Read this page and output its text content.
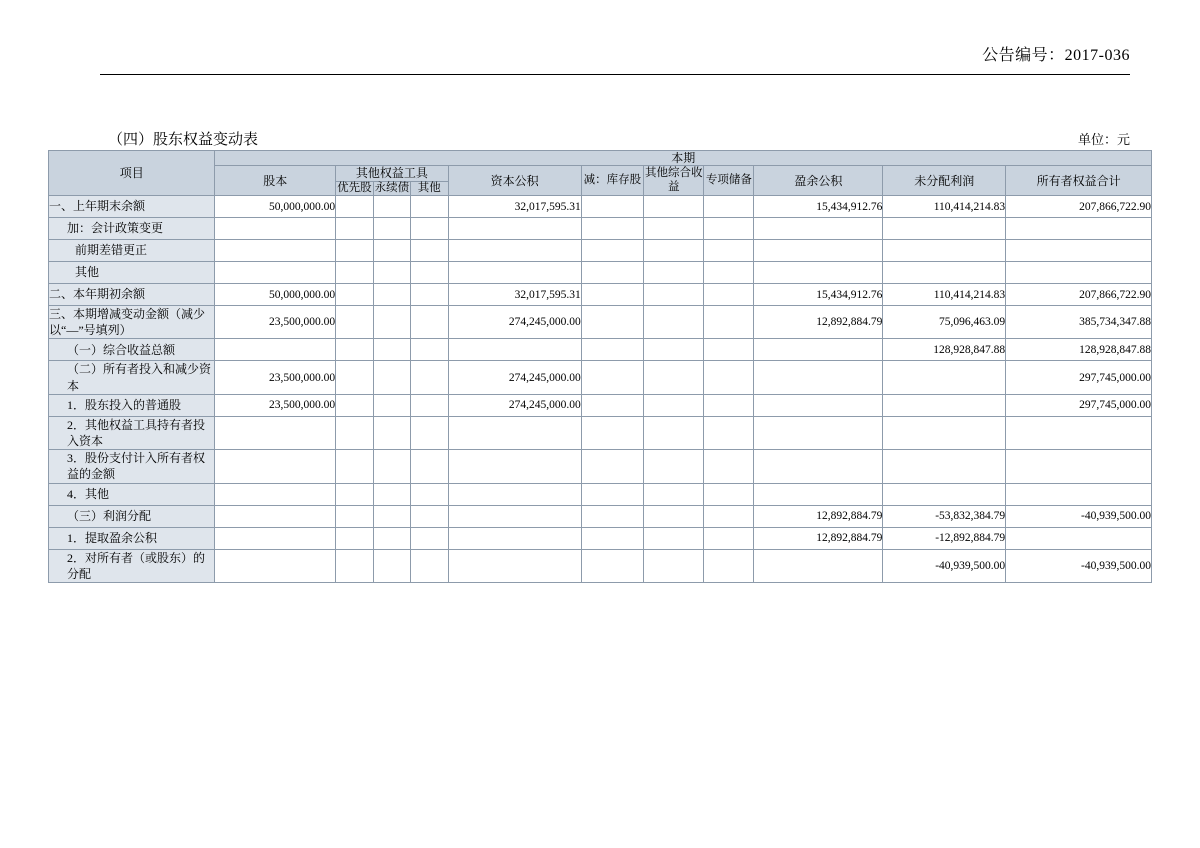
公告编号：2017-036
（四）股东权益变动表	单位：元
项目	本期										
	股本	其他权益工具			资本公积	减：库存股	其他综合收益	专项储备	盈余公积	未分配利润	所有者权益合计
		优先股	永续债	其他							
一、上年期末余额	50,000,000.00				32,017,595.31				15,434,912.76	110,414,214.83	207,866,722.90
加：会计政策变更											
前期差错更正											
其他											
二、本年期初余额	50,000,000.00				32,017,595.31				15,434,912.76	110,414,214.83	207,866,722.90
三、本期增减变动金额（减少以“—”号填列）	23,500,000.00				274,245,000.00				12,892,884.79	75,096,463.09	385,734,347.88
（一）综合收益总额										128,928,847.88	128,928,847.88
（二）所有者投入和减少资本	23,500,000.00				274,245,000.00						297,745,000.00
1．股东投入的普通股	23,500,000.00				274,245,000.00						297,745,000.00
2．其他权益工具持有者投入资本											
3．股份支付计入所有者权益的金额											
4．其他											
（三）利润分配									12,892,884.79	-53,832,384.79	-40,939,500.00
1．提取盈余公积									12,892,884.79	-12,892,884.79	
2．对所有者（或股东）的分配										-40,939,500.00	-40,939,500.00
